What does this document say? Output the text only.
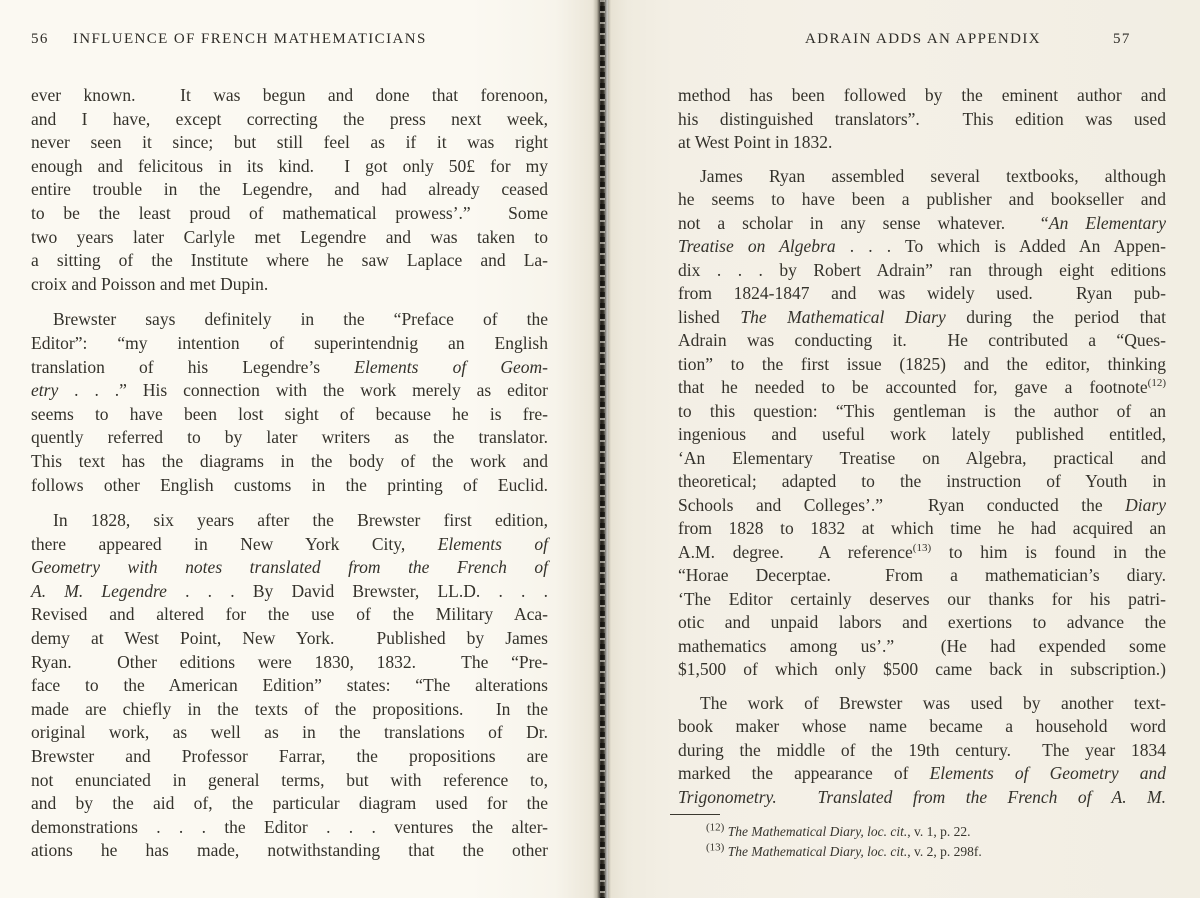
56 INFLUENCE OF FRENCH MATHEMATICIANS

ever known.  It was begun and done that forenoon,
and I have, except correcting the press next week,
never seen it since; but still feel as if it was right
enough and felicitous in its kind.  I got only 50£ for my
entire trouble in the Legendre, and had already ceased
to be the least proud of mathematical prowess’.”  Some
two years later Carlyle met Legendre and was taken to
a sitting of the Institute where he saw Laplace and La-
croix and Poisson and met Dupin.

Brewster says definitely in the “Preface of the
Editor”: “my intention of superintendnig an English
translation of his Legendre’s Elements of Geom-
etry . . .” His connection with the work merely as editor
seems to have been lost sight of because he is fre-
quently referred to by later writers as the translator.
This text has the diagrams in the body of the work and
follows other English customs in the printing of Euclid.

In 1828, six years after the Brewster first edition,
there appeared in New York City, Elements of
Geometry with notes translated from the French of
A. M. Legendre . . . By David Brewster, LL.D. . . .
Revised and altered for the use of the Military Aca-
demy at West Point, New York.  Published by James
Ryan.  Other editions were 1830, 1832.  The “Pre-
face to the American Edition” states: “The alterations
made are chiefly in the texts of the propositions.  In the
original work, as well as in the translations of Dr.
Brewster and Professor Farrar, the propositions are
not enunciated in general terms, but with reference to,
and by the aid of, the particular diagram used for the
demonstrations . . . the Editor . . . ventures the alter-
ations he has made, notwithstanding that the other

ADRAIN ADDS AN APPENDIX	57

method has been followed by the eminent author and
his distinguished translators”.  This edition was used
at West Point in 1832.

James Ryan assembled several textbooks, although
he seems to have been a publisher and bookseller and
not a scholar in any sense whatever.  “An Elementary
Treatise on Algebra . . . To which is Added An Appen-
dix . . . by Robert Adrain” ran through eight editions
from 1824-1847 and was widely used.  Ryan pub-
lished The Mathematical Diary during the period that
Adrain was conducting it.  He contributed a “Ques-
tion” to the first issue (1825) and the editor, thinking
that he needed to be accounted for, gave a footnote$^{(12)}$
to this question: “This gentleman is the author of an
ingenious and useful work lately published entitled,
‘An Elementary Treatise on Algebra, practical and
theoretical; adapted to the instruction of Youth in
Schools and Colleges’.”  Ryan conducted the Diary
from 1828 to 1832 at which time he had acquired an
A.M. degree.  A reference$^{(13)}$ to him is found in the
“Horae Decerptae.  From a mathematician’s diary.
‘The Editor certainly deserves our thanks for his patri-
otic and unpaid labors and exertions to advance the
mathematics among us’.”  (He had expended some
$1,500 of which only $500 came back in subscription.)

The work of Brewster was used by another text-
book maker whose name became a household word
during the middle of the 19th century.  The year 1834
marked the appearance of Elements of Geometry and
Trigonometry.  Translated from the French of A. M.

$^{(12)}$ The Mathematical Diary, loc. cit., v. 1, p. 22.
$^{(13)}$ The Mathematical Diary, loc. cit., v. 2, p. 298f.
